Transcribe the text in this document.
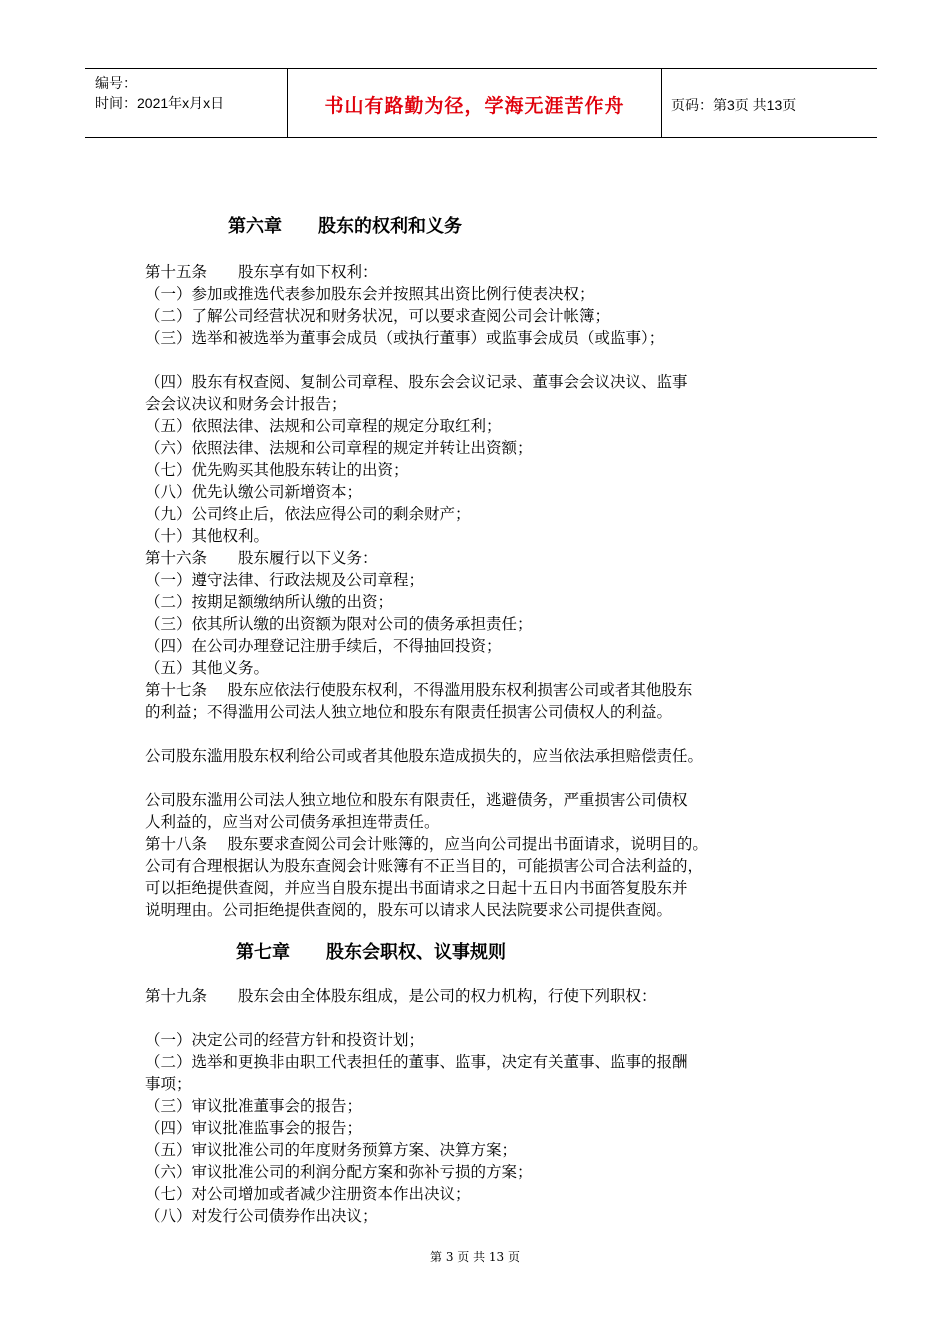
编号：
时间：2021年x月x日	书山有路勤为径，学海无涯苦作舟	页码：第3页 共13页
第六章　　股东的权利和义务
第十五条　　股东享有如下权利：
（一）参加或推选代表参加股东会并按照其出资比例行使表决权；
（二）了解公司经营状况和财务状况，可以要求查阅公司会计帐簿；
（三）选举和被选举为董事会成员（或执行董事）或监事会成员（或监事）；
（四）股东有权查阅、复制公司章程、股东会会议记录、董事会会议决议、监事
会会议决议和财务会计报告；
（五）依照法律、法规和公司章程的规定分取红利；
（六）依照法律、法规和公司章程的规定并转让出资额；
（七）优先购买其他股东转让的出资；
（八）优先认缴公司新增资本；
（九）公司终止后，依法应得公司的剩余财产；
（十）其他权利。
第十六条　　股东履行以下义务：
（一）遵守法律、行政法规及公司章程；
（二）按期足额缴纳所认缴的出资；
（三）依其所认缴的出资额为限对公司的债务承担责任；
（四）在公司办理登记注册手续后，不得抽回投资；
（五）其他义务。
第十七条　 股东应依法行使股东权利，不得滥用股东权利损害公司或者其他股东
的利益；不得滥用公司法人独立地位和股东有限责任损害公司债权人的利益。
公司股东滥用股东权利给公司或者其他股东造成损失的，应当依法承担赔偿责任。
公司股东滥用公司法人独立地位和股东有限责任，逃避债务，严重损害公司债权
人利益的，应当对公司债务承担连带责任。
第十八条　 股东要求查阅公司会计账簿的，应当向公司提出书面请求，说明目的。
公司有合理根据认为股东查阅会计账簿有不正当目的，可能损害公司合法利益的，
可以拒绝提供查阅，并应当自股东提出书面请求之日起十五日内书面答复股东并
说明理由。公司拒绝提供查阅的，股东可以请求人民法院要求公司提供查阅。
第七章　　股东会职权、议事规则
第十九条　　股东会由全体股东组成，是公司的权力机构，行使下列职权：
（一）决定公司的经营方针和投资计划；
（二）选举和更换非由职工代表担任的董事、监事，决定有关董事、监事的报酬
事项；
（三）审议批准董事会的报告；
（四）审议批准监事会的报告；
（五）审议批准公司的年度财务预算方案、决算方案；
（六）审议批准公司的利润分配方案和弥补亏损的方案；
（七）对公司增加或者减少注册资本作出决议；
（八）对发行公司债券作出决议；
第 3 页 共 13 页
